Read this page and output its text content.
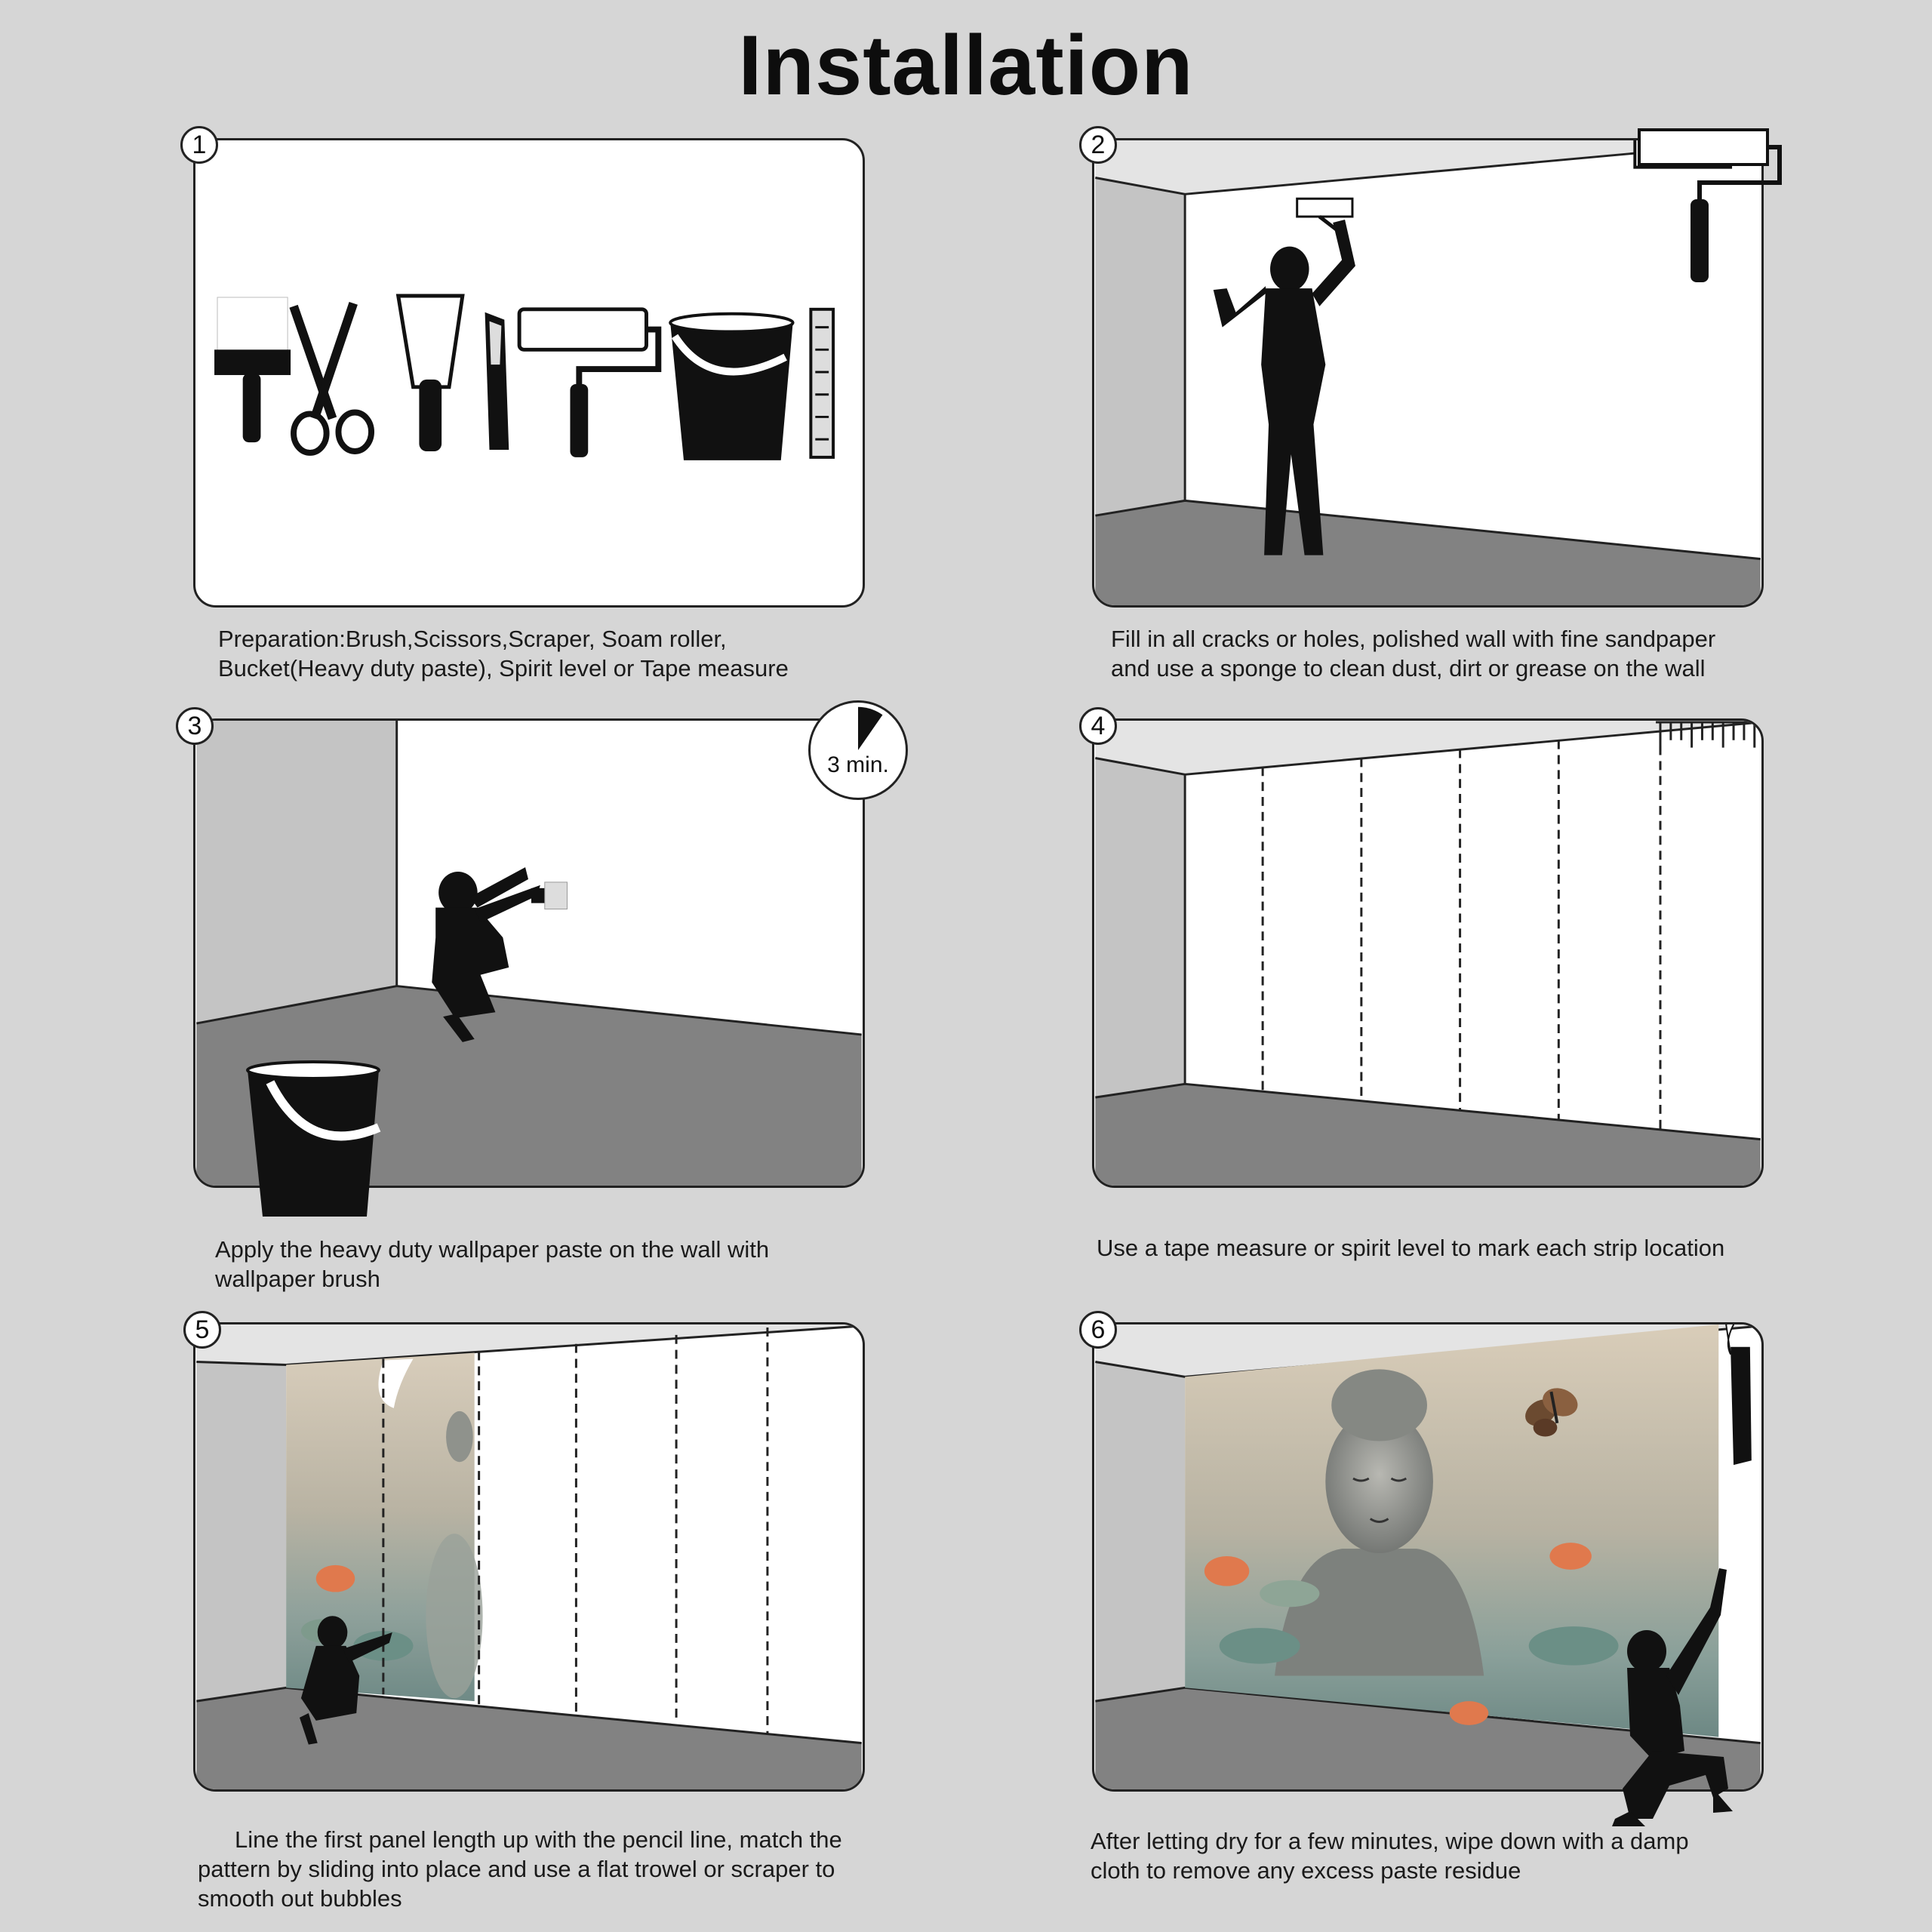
Installation
1
Preparation:Brush,Scissors,Scraper, Soam roller,
Bucket(Heavy duty paste), Spirit level or Tape measure
2
Fill in all cracks or holes, polished wall with fine sandpaper
and use a sponge to clean dust, dirt or grease on the wall
3
3 min.
Apply the heavy duty wallpaper paste on the wall with
wallpaper brush
4
Use a tape measure or spirit level to mark each strip location
5
Line the first panel length up with the pencil line, match the
pattern by sliding into place and use a flat trowel or scraper to
smooth out bubbles
6
After letting dry for a few minutes, wipe down with a damp
cloth to remove any excess paste residue
